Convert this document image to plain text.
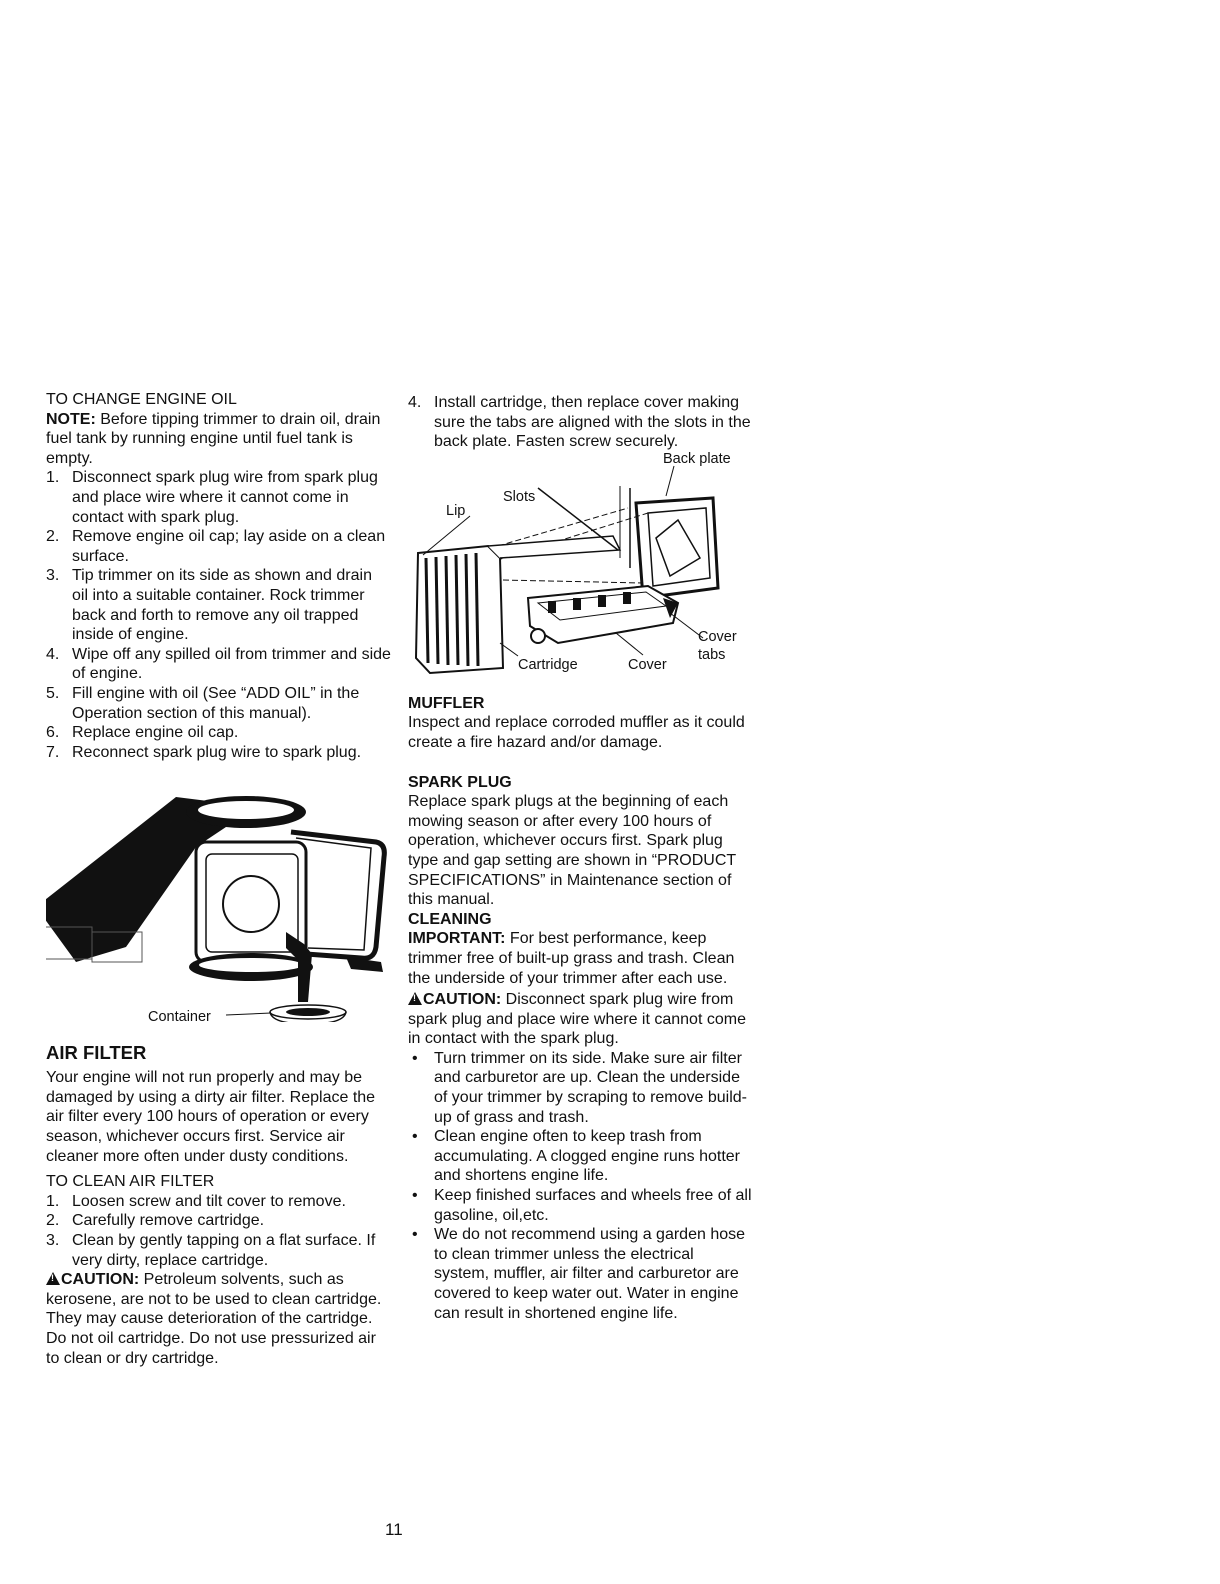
TO CHANGE ENGINE OIL

NOTE: Before tipping trimmer to drain oil, drain fuel tank by running engine until fuel tank is empty.

1. Disconnect spark plug wire from spark plug and place wire where it cannot come in contact with spark plug.
2. Remove engine oil cap; lay aside on a clean surface.
3. Tip trimmer on its side as shown and drain oil into a suitable container. Rock trimmer back and forth to remove any oil trapped inside of engine.
4. Wipe off any spilled oil from trimmer and side of engine.
5. Fill engine with oil (See “ADD OIL” in the Operation section of this manual).
6. Replace engine oil cap.
7. Reconnect spark plug wire to spark plug.
Container

AIR FILTER

Your engine will not run properly and may be damaged by using a dirty air filter. Replace the air filter every 100 hours of operation or every season, whichever occurs first. Service air cleaner more often under dusty conditions.

TO CLEAN AIR FILTER

1. Loosen screw and tilt cover to remove.
2. Carefully remove cartridge.
3. Clean by gently tapping on a flat surface. If very dirty, replace cartridge.

!CAUTION: Petroleum solvents, such as kerosene, are not to be used to clean cartridge. They may cause deterioration of the cartridge. Do not oil cartridge. Do not use pressurized air to clean or dry cartridge.

4. Install cartridge, then replace cover making sure the tabs are aligned with the slots in the back plate. Fasten screw securely.
Back plate
Slots
Lip
Cartridge	Cover
Cover
tabs

MUFFLER

Inspect and replace corroded muffler as it could create a fire hazard and/or damage.

SPARK PLUG

Replace spark plugs at the beginning of each mowing season or after every 100 hours of operation, whichever occurs first. Spark plug type and gap setting are shown in “PRODUCT SPECIFICATIONS” in Maintenance section of this manual.

CLEANING

IMPORTANT: For best performance, keep trimmer free of built-up grass and trash. Clean the underside of your trimmer after each use.

!CAUTION: Disconnect spark plug wire from spark plug and place wire where it cannot come in contact with the spark plug.

• Turn trimmer on its side. Make sure air filter and carburetor are up. Clean the underside of your trimmer by scraping to remove build-up of grass and trash.
• Clean engine often to keep trash from accumulating. A clogged engine runs hotter and shortens engine life.
• Keep finished surfaces and wheels free of all gasoline, oil,etc.
• We do not recommend using a garden hose to clean trimmer unless the electrical system, muffler, air filter and carburetor are covered to keep water out. Water in engine can result in shortened engine life.
11
